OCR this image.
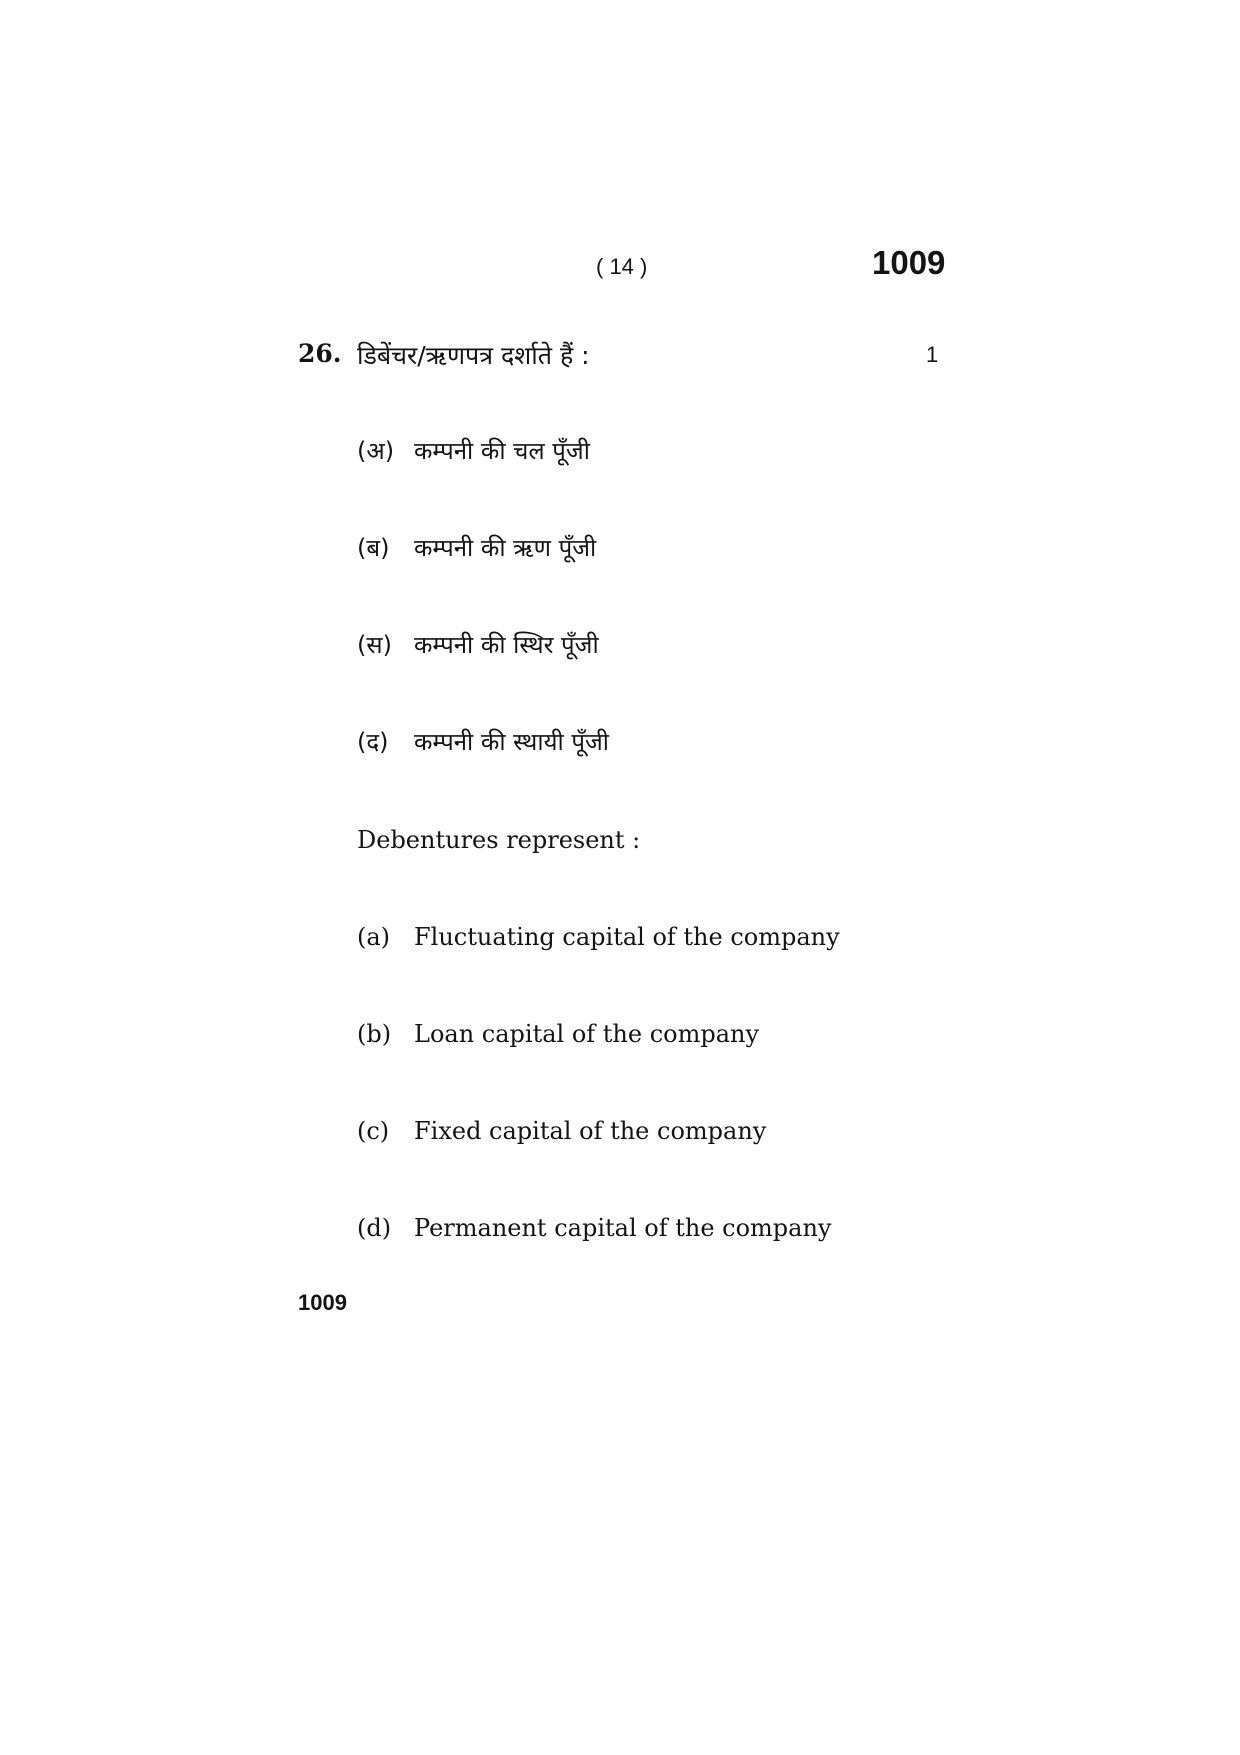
( 14 )	1009
26. डिबेंचर/ऋणपत्र दर्शाते हैं :	1
(अ) कम्पनी की चल पूँजी
(ब) कम्पनी की ऋण पूँजी
(स) कम्पनी की स्थिर पूँजी
(द) कम्पनी की स्थायी पूँजी
Debentures represent :
(a) Fluctuating capital of the company
(b) Loan capital of the company
(c) Fixed capital of the company
(d) Permanent capital of the company
1009
